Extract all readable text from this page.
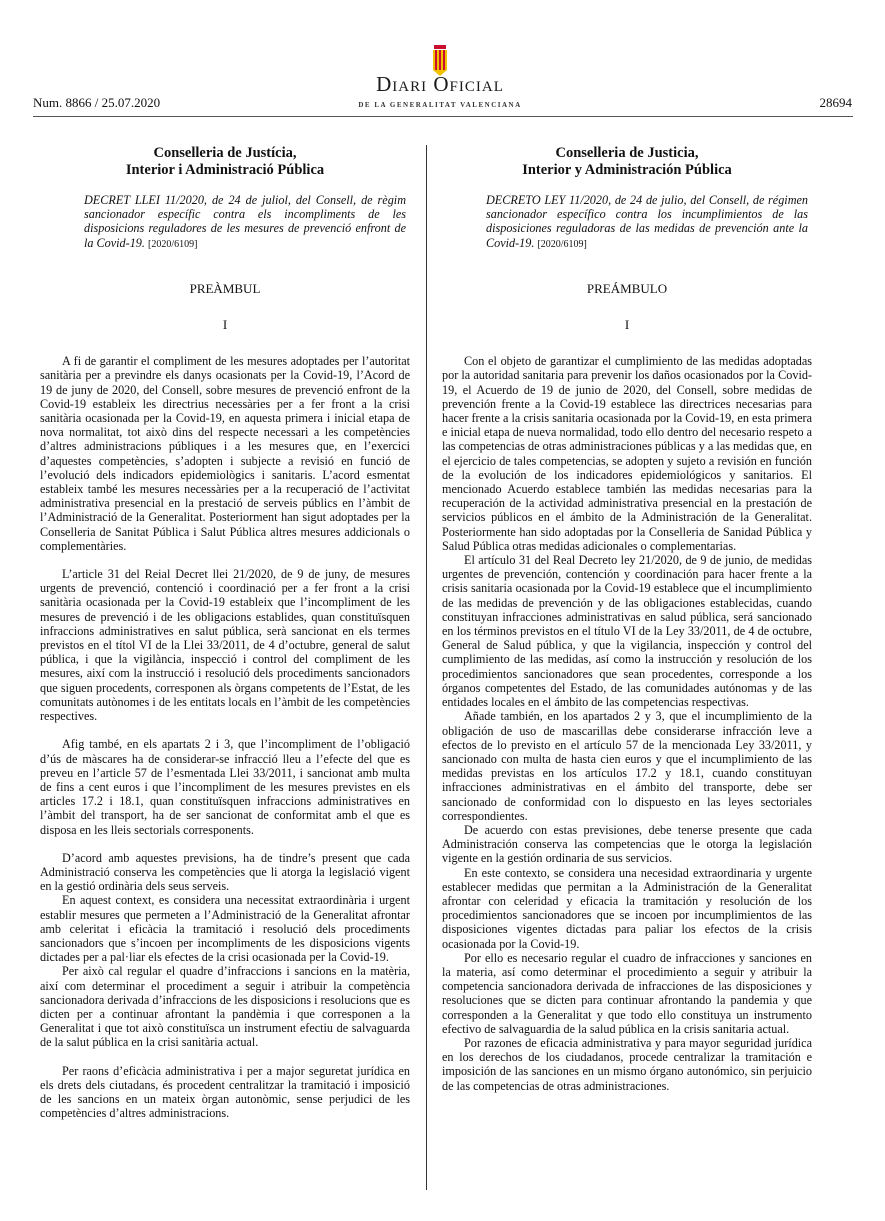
Num. 8866 / 25.07.2020
Diari Oficial
DE LA GENERALITAT VALENCIANA	28694
Conselleria de Justícia,
Interior i Administració Pública
DECRET LLEI 11/2020, de 24 de juliol, del Consell, de règim sancionador específic contra els incompliments de les disposicions reguladores de les mesures de prevenció enfront de la Covid-19. [2020/6109]
PREÀMBUL
I

A fi de garantir el compliment de les mesures adoptades per l’autoritat sanitària per a previndre els danys ocasionats per la Covid-19, l’Acord de 19 de juny de 2020, del Consell, sobre mesures de prevenció enfront de la Covid-19 estableix les directrius necessàries per a fer front a la crisi sanitària ocasionada per la Covid-19, en aquesta primera i inicial etapa de nova normalitat, tot això dins del respecte necessari a les competències d’altres administracions públiques i a les mesures que, en l’exercici d’aquestes competències, s’adopten i subjecte a revisió en funció de l’evolució dels indicadors epidemiològics i sanitaris. L’acord esmentat estableix també les mesures necessàries per a la recuperació de l’activitat administrativa presencial en la prestació de serveis públics en l’àmbit de l’Administració de la Generalitat. Posteriorment han sigut adoptades per la Conselleria de Sanitat Pública i Salut Pública altres mesures addicionals o complementàries.

L’article 31 del Reial Decret llei 21/2020, de 9 de juny, de mesures urgents de prevenció, contenció i coordinació per a fer front a la crisi sanitària ocasionada per la Covid-19 estableix que l’incompliment de les mesures de prevenció i de les obligacions establides, quan constituïsquen infraccions administratives en salut pública, serà sancionat en els termes previstos en el títol VI de la Llei 33/2011, de 4 d’octubre, general de salut pública, i que la vigilància, inspecció i control del compliment de les mesures, així com la instrucció i resolució dels procediments sancionadors que siguen procedents, corresponen als òrgans competents de l’Estat, de les comunitats autònomes i de les entitats locals en l’àmbit de les competències respectives.

Afig també, en els apartats 2 i 3, que l’incompliment de l’obligació d’ús de màscares ha de considerar-se infracció lleu a l’efecte del que es preveu en l’article 57 de l’esmentada Llei 33/2011, i sancionat amb multa de fins a cent euros i que l’incompliment de les mesures previstes en els articles 17.2 i 18.1, quan constituïsquen infraccions administratives en l’àmbit del transport, ha de ser sancionat de conformitat amb el que es disposa en les lleis sectorials corresponents.

D’acord amb aquestes previsions, ha de tindre’s present que cada Administració conserva les competències que li atorga la legislació vigent en la gestió ordinària dels seus serveis.

En aquest context, es considera una necessitat extraordinària i urgent establir mesures que permeten a l’Administració de la Generalitat afrontar amb celeritat i eficàcia la tramitació i resolució dels procediments sancionadors que s’incoen per incompliments de les disposicions vigents dictades per a pal·liar els efectes de la crisi ocasionada per la Covid-19.

Per això cal regular el quadre d’infraccions i sancions en la matèria, així com determinar el procediment a seguir i atribuir la competència sancionadora derivada d’infraccions de les disposicions i resolucions que es dicten per a continuar afrontant la pandèmia i que corresponen a la Generalitat i que tot això constituïsca un instrument efectiu de salvaguarda de la salut pública en la crisi sanitària actual.

Per raons d’eficàcia administrativa i per a major seguretat jurídica en els drets dels ciutadans, és procedent centralitzar la tramitació i imposició de les sancions en un mateix òrgan autonòmic, sense perjudici de les competències d’altres administracions.

Conselleria de Justicia,
Interior y Administración Pública
DECRETO LEY 11/2020, de 24 de julio, del Consell, de régimen sancionador específico contra los incumplimientos de las disposiciones reguladoras de las medidas de prevención ante la Covid-19. [2020/6109]
PREÁMBULO
I

Con el objeto de garantizar el cumplimiento de las medidas adoptadas por la autoridad sanitaria para prevenir los daños ocasionados por la Covid-19, el Acuerdo de 19 de junio de 2020, del Consell, sobre medidas de prevención frente a la Covid-19 establece las directrices necesarias para hacer frente a la crisis sanitaria ocasionada por la Covid-19, en esta primera e inicial etapa de nueva normalidad, todo ello dentro del necesario respeto a las competencias de otras administraciones públicas y a las medidas que, en el ejercicio de tales competencias, se adopten y sujeto a revisión en función de la evolución de los indicadores epidemiológicos y sanitarios. El mencionado Acuerdo establece también las medidas necesarias para la recuperación de la actividad administrativa presencial en la prestación de servicios públicos en el ámbito de la Administración de la Generalitat. Posteriormente han sido adoptadas por la Conselleria de Sanidad Pública y Salud Pública otras medidas adicionales o complementarias.

El artículo 31 del Real Decreto ley 21/2020, de 9 de junio, de medidas urgentes de prevención, contención y coordinación para hacer frente a la crisis sanitaria ocasionada por la Covid-19 establece que el incumplimiento de las medidas de prevención y de las obligaciones establecidas, cuando constituyan infracciones administrativas en salud pública, será sancionado en los términos previstos en el título VI de la Ley 33/2011, de 4 de octubre, General de Salud pública, y que la vigilancia, inspección y control del cumplimiento de las medidas, así como la instrucción y resolución de los procedimientos sancionadores que sean procedentes, corresponde a los órganos competentes del Estado, de las comunidades autónomas y de las entidades locales en el ámbito de las competencias respectivas.

Añade también, en los apartados 2 y 3, que el incumplimiento de la obligación de uso de mascarillas debe considerarse infracción leve a efectos de lo previsto en el artículo 57 de la mencionada Ley 33/2011, y sancionado con multa de hasta cien euros y que el incumplimiento de las medidas previstas en los artículos 17.2 y 18.1, cuando constituyan infracciones administrativas en el ámbito del transporte, debe ser sancionado de conformidad con lo dispuesto en las leyes sectoriales correspondientes.

De acuerdo con estas previsiones, debe tenerse presente que cada Administración conserva las competencias que le otorga la legislación vigente en la gestión ordinaria de sus servicios.

En este contexto, se considera una necesidad extraordinaria y urgente establecer medidas que permitan a la Administración de la Generalitat afrontar con celeridad y eficacia la tramitación y resolución de los procedimientos sancionadores que se incoen por incumplimientos de las disposiciones vigentes dictadas para paliar los efectos de la crisis ocasionada por la Covid-19.

Por ello es necesario regular el cuadro de infracciones y sanciones en la materia, así como determinar el procedimiento a seguir y atribuir la competencia sancionadora derivada de infracciones de las disposiciones y resoluciones que se dicten para continuar afrontando la pandemia y que corresponden a la Generalitat y que todo ello constituya un instrumento efectivo de salvaguardia de la salud pública en la crisis sanitaria actual.

Por razones de eficacia administrativa y para mayor seguridad jurídica en los derechos de los ciudadanos, procede centralizar la tramitación e imposición de las sanciones en un mismo órgano autonómico, sin perjuicio de las competencias de otras administraciones.
